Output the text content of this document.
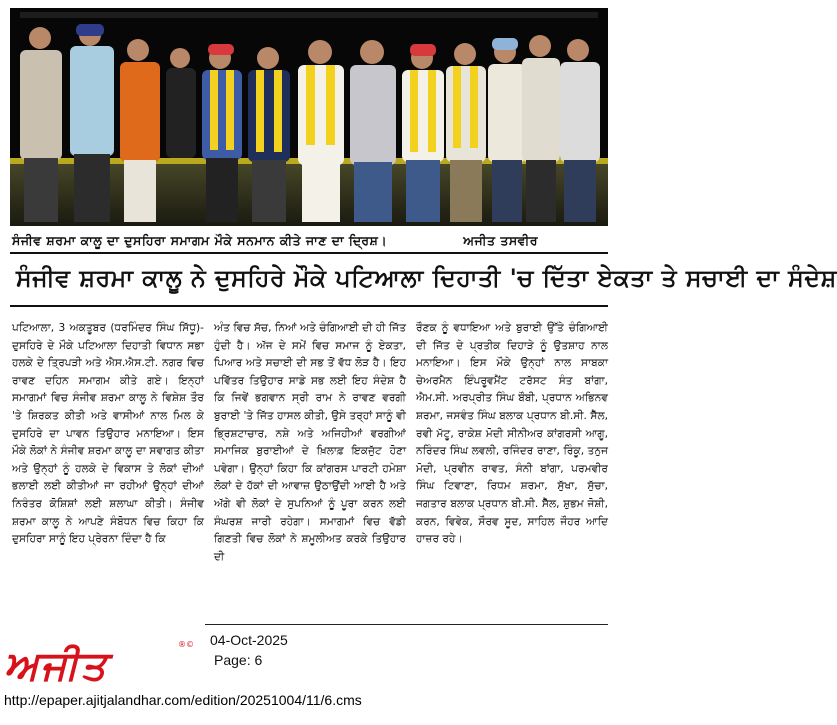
ਸੰਜੀਵ ਸ਼ਰਮਾ ਕਾਲੂ ਦਾ ਦੁਸਹਿਰਾ ਸਮਾਗਮ ਮੌਕੇ ਸਨਮਾਨ ਕੀਤੇ ਜਾਣ ਦਾ ਦ੍ਰਿਸ਼।	ਅਜੀਤ ਤਸਵੀਰ
ਸੰਜੀਵ ਸ਼ਰਮਾ ਕਾਲੂ ਨੇ ਦੁਸਹਿਰੇ ਮੌਕੇ ਪਟਿਆਲਾ ਦਿਹਾਤੀ 'ਚ ਦਿੱਤਾ ਏਕਤਾ ਤੇ ਸਚਾਈ ਦਾ ਸੰਦੇਸ਼

ਪਟਿਆਲਾ, 3 ਅਕਤੂਬਰ (ਧਰਮਿੰਦਰ ਸਿੰਘ ਸਿੱਧੂ)-ਦੁਸਹਿਰੇ ਦੇ ਮੌਕੇ ਪਟਿਆਲਾ ਦਿਹਾਤੀ ਵਿਧਾਨ ਸਭਾ ਹਲਕੇ ਦੇ ਤ੍ਰਿਪੜੀ ਅਤੇ ਐਸ.ਐਸ.ਟੀ. ਨਗਰ ਵਿਚ ਰਾਵਣ ਦਹਿਨ ਸਮਾਗਮ ਕੀਤੇ ਗਏ। ਇਨ੍ਹਾਂ ਸਮਾਗਮਾਂ ਵਿਚ ਸੰਜੀਵ ਸ਼ਰਮਾ ਕਾਲੂ ਨੇ ਵਿਸ਼ੇਸ਼ ਤੌਰ 'ਤੇ ਸ਼ਿਰਕਤ ਕੀਤੀ ਅਤੇ ਵਾਸੀਆਂ ਨਾਲ ਮਿਲ ਕੇ ਦੁਸਹਿਰੇ ਦਾ ਪਾਵਨ ਤਿਉਹਾਰ ਮਨਾਇਆ। ਇਸ ਮੌਕੇ ਲੋਕਾਂ ਨੇ ਸੰਜੀਵ ਸ਼ਰਮਾ ਕਾਲੂ ਦਾ ਸਵਾਗਤ ਕੀਤਾ ਅਤੇ ਉਨ੍ਹਾਂ ਨੂੰ ਹਲਕੇ ਦੇ ਵਿਕਾਸ ਤੇ ਲੋਕਾਂ ਦੀਆਂ ਭਲਾਈ ਲਈ ਕੀਤੀਆਂ ਜਾ ਰਹੀਆਂ ਉਨ੍ਹਾਂ ਦੀਆਂ ਨਿਰੰਤਰ ਕੋਸ਼ਿਸ਼ਾਂ ਲਈ ਸ਼ਲਾਘਾ ਕੀਤੀ। ਸੰਜੀਵ ਸ਼ਰਮਾ ਕਾਲੂ ਨੇ ਆਪਣੇ ਸੰਬੋਧਨ ਵਿਚ ਕਿਹਾ ਕਿ ਦੁਸਹਿਰਾ ਸਾਨੂੰ ਇਹ ਪ੍ਰੇਰਨਾ ਦਿੰਦਾ ਹੈ ਕਿ

ਅੰਤ ਵਿਚ ਸੱਚ, ਨਿਆਂ ਅਤੇ ਚੰਗਿਆਈ ਦੀ ਹੀ ਜਿੱਤ ਹੁੰਦੀ ਹੈ। ਅੱਜ ਦੇ ਸਮੇਂ ਵਿਚ ਸਮਾਜ ਨੂੰ ਏਕਤਾ, ਪਿਆਰ ਅਤੇ ਸਚਾਈ ਦੀ ਸਭ ਤੋਂ ਵੱਧ ਲੋੜ ਹੈ। ਇਹ ਪਵਿੱਤਰ ਤਿਉਹਾਰ ਸਾਡੇ ਸਭ ਲਈ ਇਹ ਸੰਦੇਸ਼ ਹੈ ਕਿ ਜਿਵੇਂ ਭਗਵਾਨ ਸ੍ਰੀ ਰਾਮ ਨੇ ਰਾਵਣ ਵਰਗੀ ਬੁਰਾਈ 'ਤੇ ਜਿੱਤ ਹਾਸਲ ਕੀਤੀ, ਉਸੇ ਤਰ੍ਹਾਂ ਸਾਨੂੰ ਵੀ ਭ੍ਰਿਸ਼ਟਾਚਾਰ, ਨਸ਼ੇ ਅਤੇ ਅਜਿਹੀਆਂ ਵਰਗੀਆਂ ਸਮਾਜਿਕ ਬੁਰਾਈਆਂ ਦੇ ਖ਼ਿਲਾਫ਼ ਇਕਜੁੱਟ ਹੋਣਾ ਪਵੇਗਾ। ਉਨ੍ਹਾਂ ਕਿਹਾ ਕਿ ਕਾਂਗਰਸ ਪਾਰਟੀ ਹਮੇਸ਼ਾ ਲੋਕਾਂ ਦੇ ਹੱਕਾਂ ਦੀ ਆਵਾਜ਼ ਉਠਾਉਂਦੀ ਆਈ ਹੈ ਅਤੇ ਅੱਗੇ ਵੀ ਲੋਕਾਂ ਦੇ ਸੁਪਨਿਆਂ ਨੂੰ ਪੂਰਾ ਕਰਨ ਲਈ ਸੰਘਰਸ਼ ਜਾਰੀ ਰਹੇਗਾ। ਸਮਾਗਮਾਂ ਵਿਚ ਵੱਡੀ ਗਿਣਤੀ ਵਿਚ ਲੋਕਾਂ ਨੇ ਸ਼ਮੂਲੀਅਤ ਕਰਕੇ ਤਿਉਹਾਰ ਦੀ

ਰੌਣਕ ਨੂੰ ਵਧਾਇਆ ਅਤੇ ਬੁਰਾਈ ਉੱਤੇ ਚੰਗਿਆਈ ਦੀ ਜਿੱਤ ਦੇ ਪ੍ਰਤੀਕ ਦਿਹਾੜੇ ਨੂੰ ਉਤਸ਼ਾਹ ਨਾਲ ਮਨਾਇਆ। ਇਸ ਮੌਕੇ ਉਨ੍ਹਾਂ ਨਾਲ ਸਾਬਕਾ ਚੇਅਰਮੈਨ ਇੰਪਰੂਵਮੈਂਟ ਟਰੱਸਟ ਸੰਤ ਬਾਂਗਾ, ਐਮ.ਸੀ. ਅਰਪ੍ਰੀਤ ਸਿੰਘ ਬੌਬੀ, ਪ੍ਰਧਾਨ ਅਭਿਨਵ ਸ਼ਰਮਾ, ਜਸਵੰਤ ਸਿੰਘ ਬਲਾਕ ਪ੍ਰਧਾਨ ਬੀ.ਸੀ. ਸੈੱਲ, ਰਵੀ ਮੱਟੂ, ਰਾਕੇਸ਼ ਮੋਦੀ ਸੀਨੀਅਰ ਕਾਂਗਰਸੀ ਆਗੂ, ਨਰਿੰਦਰ ਸਿੰਘ ਲਵਲੀ, ਰਜਿੰਦਰ ਰਾਣਾ, ਰਿੰਕੂ, ਤਨੁਜ ਮੋਦੀ, ਪ੍ਰਵੀਨ ਰਾਵਤ, ਸੰਨੀ ਬਾਂਗਾ, ਪਰਮਵੀਰ ਸਿੰਘ ਟਿਵਾਣਾ, ਰਿਧਮ ਸ਼ਰਮਾ, ਸੁੱਖਾ, ਸੁੱਚਾ, ਜਗਤਾਰ ਬਲਾਕ ਪ੍ਰਧਾਨ ਬੀ.ਸੀ. ਸੈੱਲ, ਸ਼ੁਭਮ ਜੋਸ਼ੀ, ਕਰਨ, ਵਿਵੇਕ, ਸੌਰਵ ਸੂਦ, ਸਾਹਿਲ ਜੌਹਰ ਆਦਿ ਹਾਜ਼ਰ ਰਹੇ।

ਅਜੀਤ	®© 04-Oct-2025
Page: 6
http://epaper.ajitjalandhar.com/edition/20251004/11/6.cms
